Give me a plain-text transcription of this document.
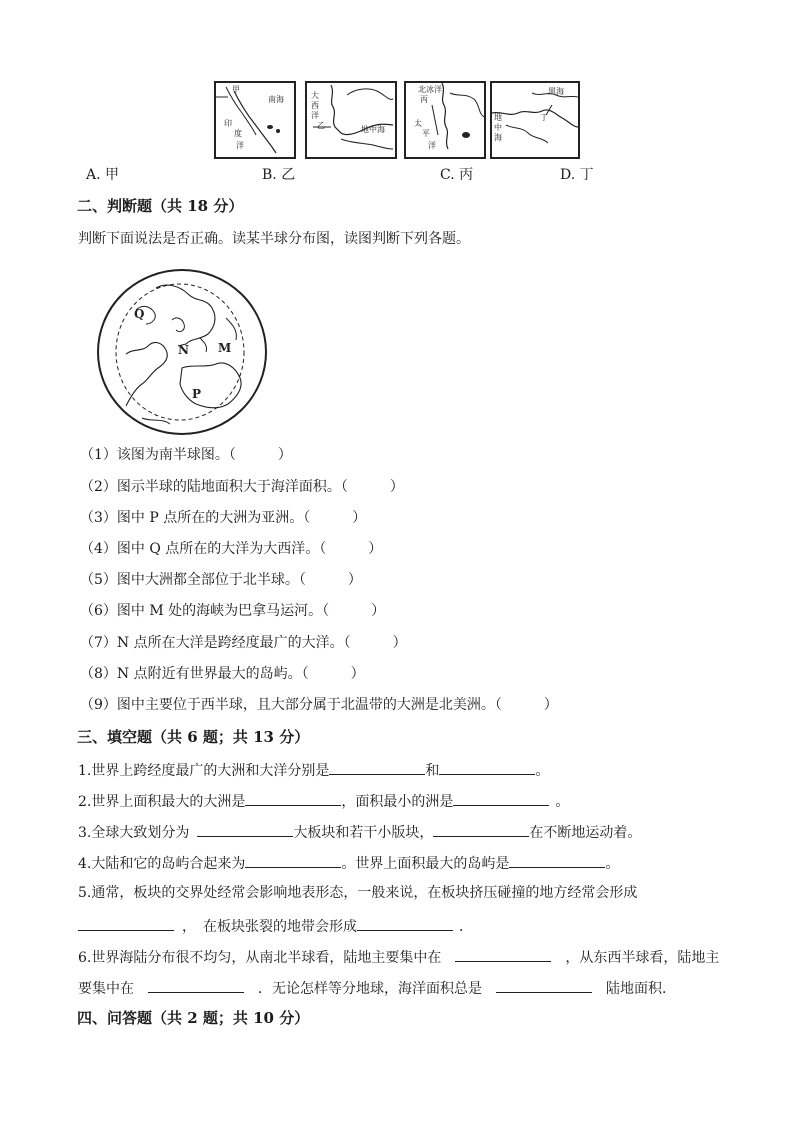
甲
南海
印
度
洋
大
西
洋
乙	地中海
北冰洋
丙
太
平
洋
黑海
丁
地
中
海
A. 甲	B. 乙	C. 丙	D. 丁
二、判断题（共 18 分）
判断下面说法是否正确。读某半球分布图，读图判断下列各题。
Q
N M
P
（1）该图为南半球图。（　　　）
（2）图示半球的陆地面积大于海洋面积。（　　　）
（3）图中 P 点所在的大洲为亚洲。（　　　）
（4）图中 Q 点所在的大洋为大西洋。（　　　）
（5）图中大洲都全部位于北半球。（　　　）
（6）图中 M 处的海峡为巴拿马运河。（　　　）
（7）N 点所在大洋是跨经度最广的大洋。（　　　）
（8）N 点附近有世界最大的岛屿。（　　　）
（9）图中主要位于西半球，且大部分属于北温带的大洲是北美洲。（　　　）
三、填空题（共 6 题；共 13 分）
1.世界上跨经度最广的大洲和大洋分别是	和	。
2.世界上面积最大的大洲是	，面积最小的洲是	。
3.全球大致划分为	大板块和若干小版块，	在不断地运动着。
4.大陆和它的岛屿合起来为	。世界上面积最大的岛屿是	。
5.通常，板块的交界处经常会影响地表形态，一般来说，在板块挤压碰撞的地方经常会形成
，　在板块张裂的地带会形成	．
6.世界海陆分布很不均匀，从南北半球看，陆地主要集中在	，从东西半球看，陆地主
要集中在	．无论怎样等分地球，海洋面积总是	陆地面积．
四、问答题（共 2 题；共 10 分）
